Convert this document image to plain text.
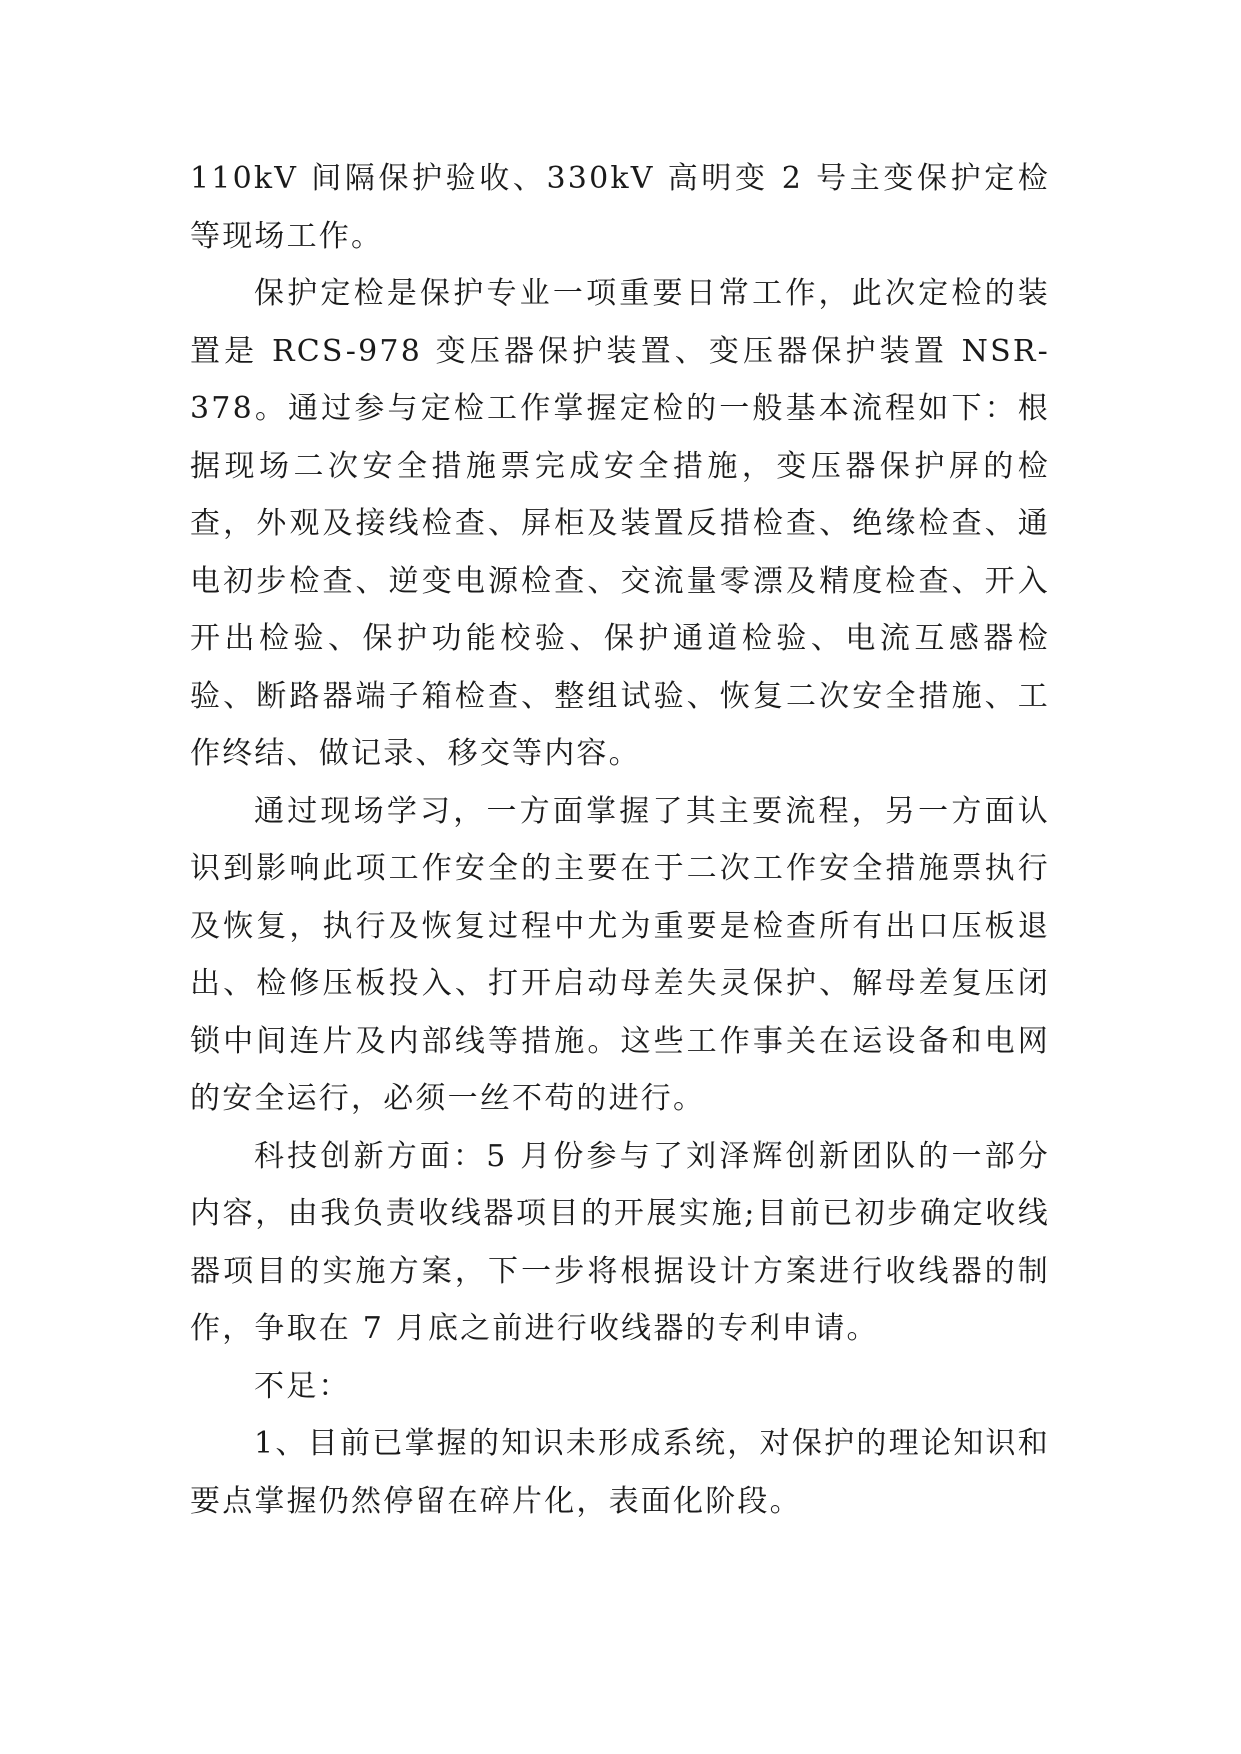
110kV 间隔保护验收、330kV 高明变 2 号主变保护定检等现场工作。

保护定检是保护专业一项重要日常工作，此次定检的装置是 RCS-978 变压器保护装置、变压器保护装置 NSR-378。通过参与定检工作掌握定检的一般基本流程如下：根据现场二次安全措施票完成安全措施，变压器保护屏的检查，外观及接线检查、屏柜及装置反措检查、绝缘检查、通电初步检查、逆变电源检查、交流量零漂及精度检查、开入开出检验、保护功能校验、保护通道检验、电流互感器检验、断路器端子箱检查、整组试验、恢复二次安全措施、工作终结、做记录、移交等内容。

通过现场学习，一方面掌握了其主要流程，另一方面认识到影响此项工作安全的主要在于二次工作安全措施票执行及恢复，执行及恢复过程中尤为重要是检查所有出口压板退出、检修压板投入、打开启动母差失灵保护、解母差复压闭锁中间连片及内部线等措施。这些工作事关在运设备和电网的安全运行，必须一丝不苟的进行。

科技创新方面：5 月份参与了刘泽辉创新团队的一部分内容，由我负责收线器项目的开展实施;目前已初步确定收线器项目的实施方案，下一步将根据设计方案进行收线器的制作，争取在 7 月底之前进行收线器的专利申请。

不足：

1、目前已掌握的知识未形成系统，对保护的理论知识和要点掌握仍然停留在碎片化，表面化阶段。
